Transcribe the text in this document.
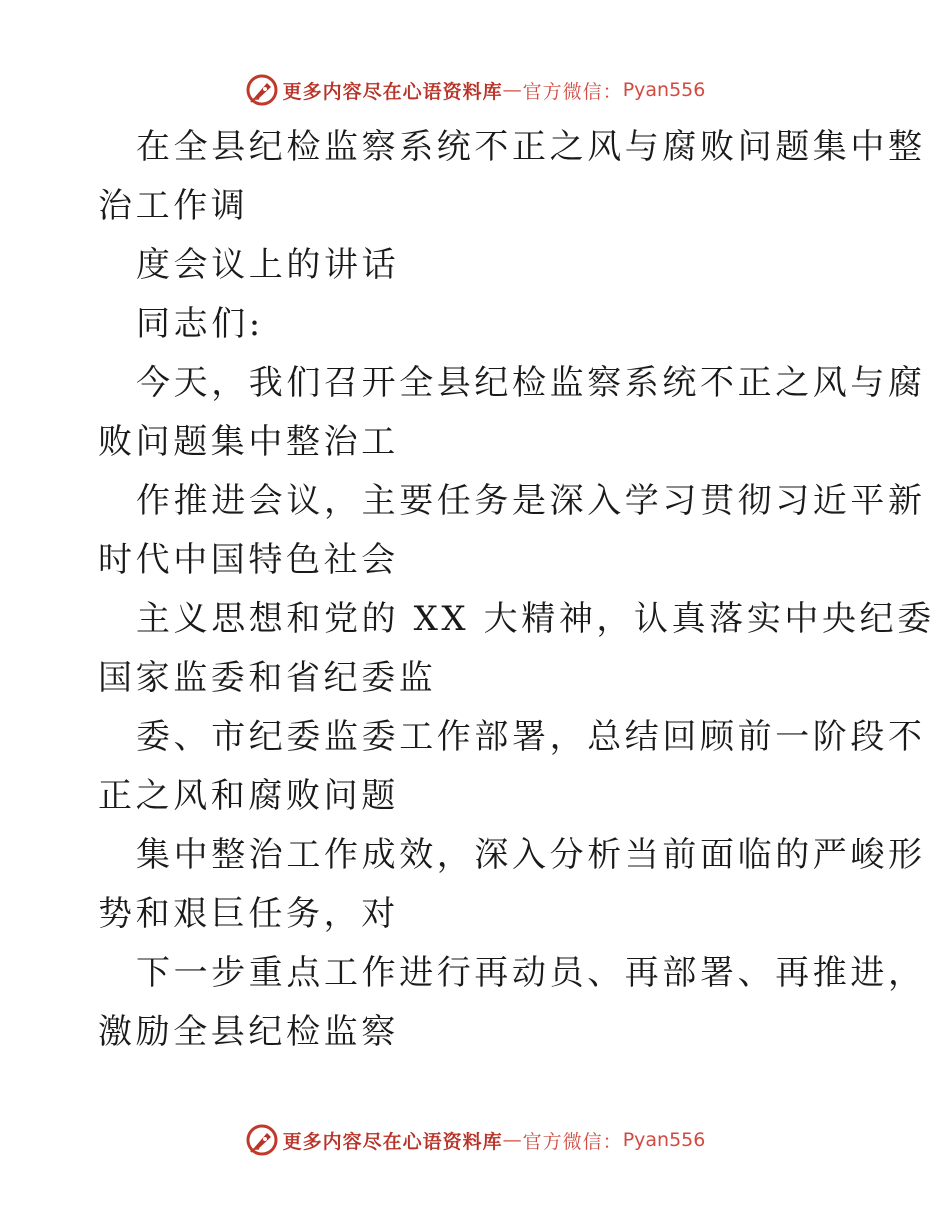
更多内容尽在心语资料库 — 官方微信： Pyan556

在全县纪检监察系统不正之风与腐败问题集中整
治工作调

度会议上的讲话

同志们:

今天，我们召开全县纪检监察系统不正之风与腐
败问题集中整治工

作推进会议，主要任务是深入学习贯彻习近平新
时代中国特色社会

主义思想和党的 XX 大精神，认真落实中央纪委
国家监委和省纪委监

委、市纪委监委工作部署，总结回顾前一阶段不
正之风和腐败问题

集中整治工作成效，深入分析当前面临的严峻形
势和艰巨任务，对

下一步重点工作进行再动员、再部署、再推进，
激励全县纪检监察

更多内容尽在心语资料库 — 官方微信： Pyan556
